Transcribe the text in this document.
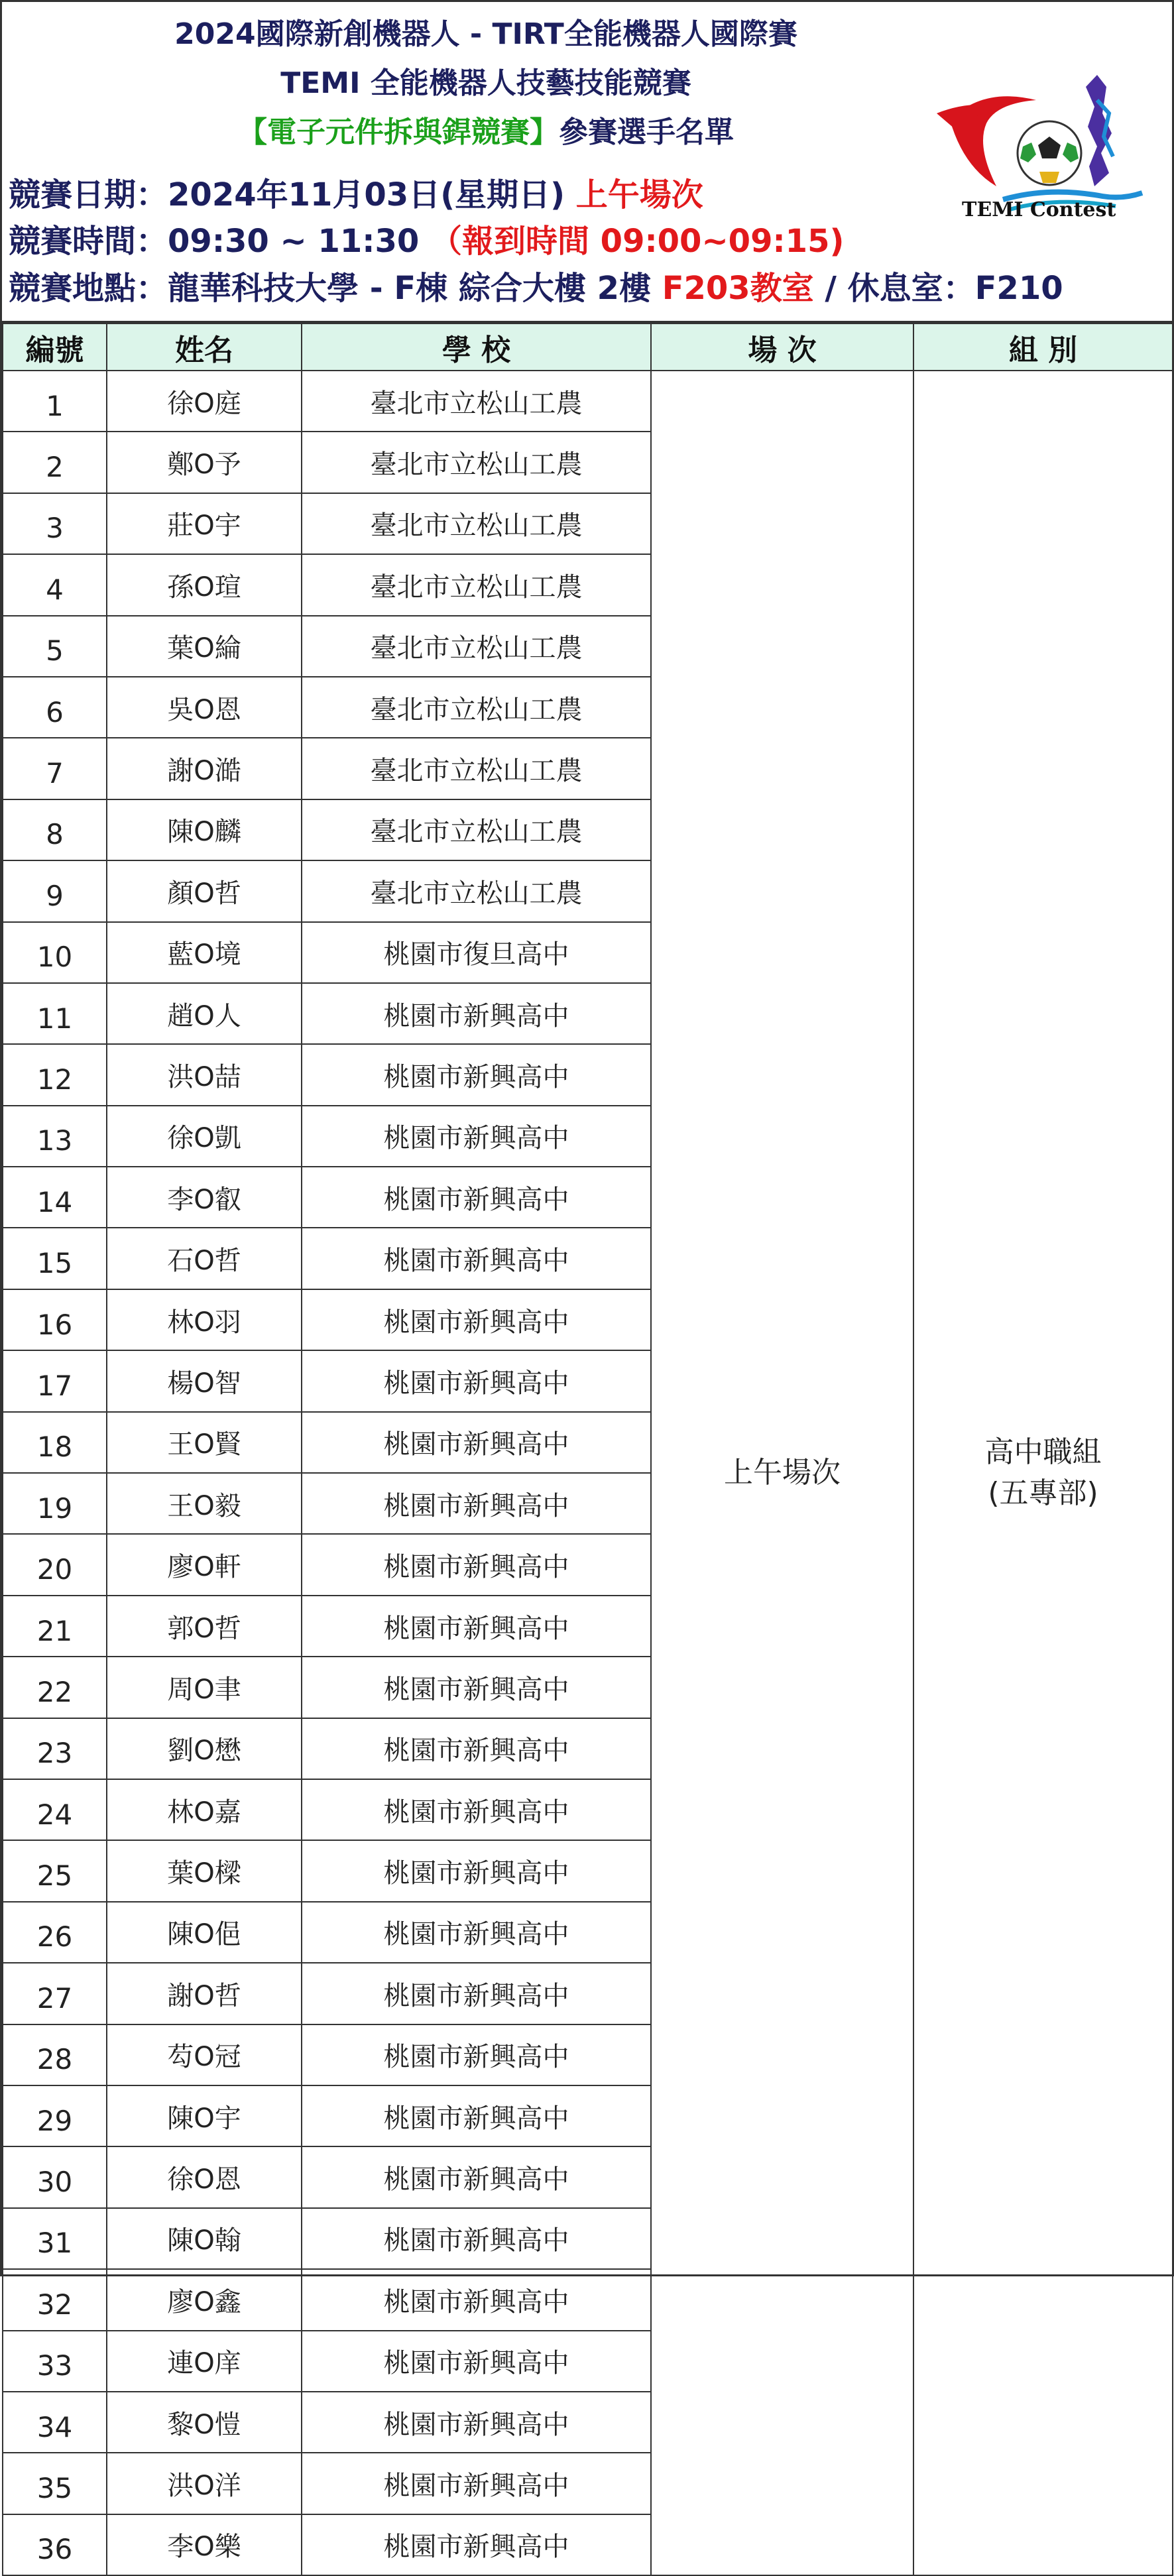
2024國際新創機器人 - TIRT全能機器人國際賽
TEMI 全能機器人技藝技能競賽
【電子元件拆與銲競賽】參賽選手名單
競賽日期：2024年11月03日(星期日) 上午場次
競賽時間：09:30 ~ 11:30 （報到時間 09:00~09:15)
競賽地點：龍華科技大學 - F棟 綜合大樓 2樓 F203教室 / 休息室：F210
TEMI Contest
編號	姓名	學 校	場 次	組 別
1	徐O庭	臺北市立松山工農	上午場次	高中職組
(五專部)

2	鄭O予	臺北市立松山工農		
3	莊O宇	臺北市立松山工農		
4	孫O瑄	臺北市立松山工農		
5	葉O綸	臺北市立松山工農		
6	吳O恩	臺北市立松山工農		
7	謝O澔	臺北市立松山工農		
8	陳O麟	臺北市立松山工農		
9	顏O哲	臺北市立松山工農		
10	藍O境	桃園市復旦高中		
11	趙O人	桃園市新興高中		
12	洪O喆	桃園市新興高中		
13	徐O凱	桃園市新興高中		
14	李O叡	桃園市新興高中		
15	石O哲	桃園市新興高中		
16	林O羽	桃園市新興高中		
17	楊O智	桃園市新興高中		
18	王O賢	桃園市新興高中		
19	王O毅	桃園市新興高中		
20	廖O軒	桃園市新興高中		
21	郭O哲	桃園市新興高中		
22	周O聿	桃園市新興高中		
23	劉O懋	桃園市新興高中		
24	林O嘉	桃園市新興高中		
25	葉O樑	桃園市新興高中		
26	陳O俋	桃園市新興高中		
27	謝O哲	桃園市新興高中		
28	芶O冠	桃園市新興高中		
29	陳O宇	桃園市新興高中		
30	徐O恩	桃園市新興高中		
31	陳O翰	桃園市新興高中		
32	廖O鑫	桃園市新興高中		
33	連O庠	桃園市新興高中		
34	黎O愷	桃園市新興高中		
35	洪O洋	桃園市新興高中		
36	李O樂	桃園市新興高中		
